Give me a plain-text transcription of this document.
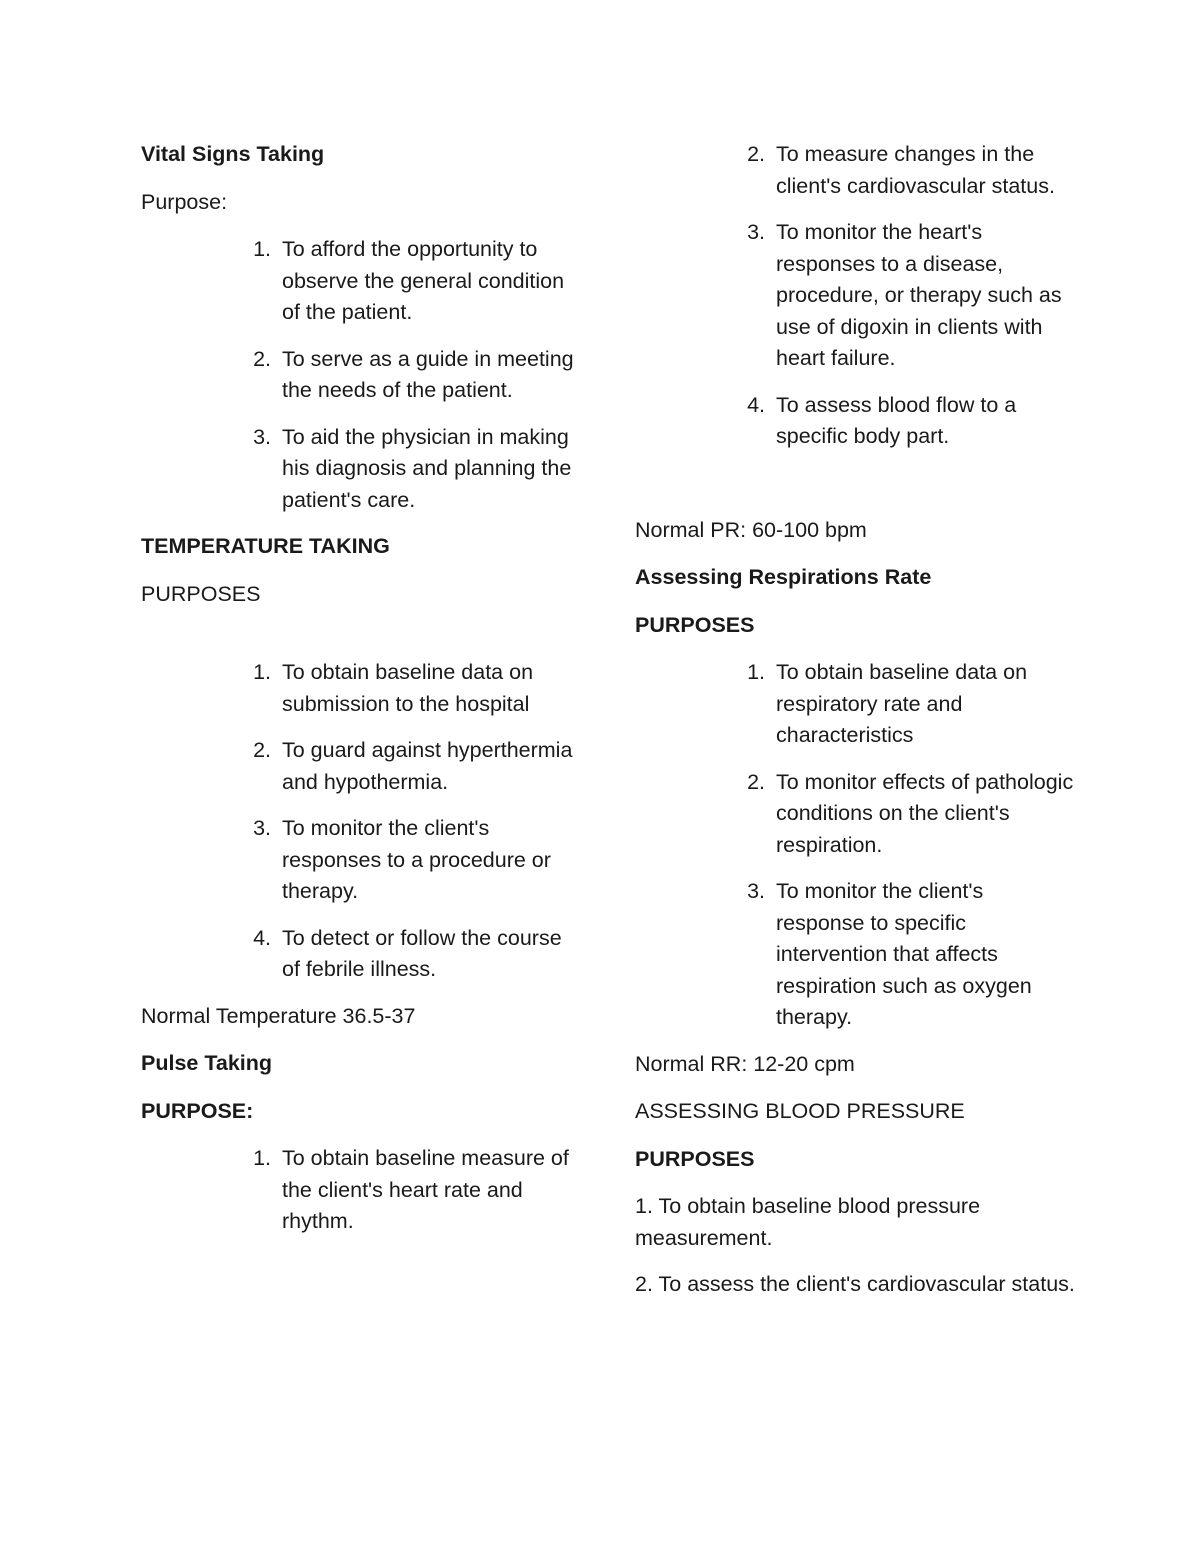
Vital Signs Taking

Purpose:

1. To afford the opportunity to observe the general condition of the patient.
2. To serve as a guide in meeting the needs of the patient.
3. To aid the physician in making his diagnosis and planning the patient's care.

TEMPERATURE TAKING

PURPOSES

1. To obtain baseline data on submission to the hospital
2. To guard against hyperthermia and hypothermia.
3. To monitor the client's responses to a procedure or therapy.
4. To detect or follow the course of febrile illness.

Normal Temperature 36.5-37

Pulse Taking

PURPOSE:

1. To obtain baseline measure of the client's heart rate and rhythm.
2. To measure changes in the client's cardiovascular status.
3. To monitor the heart's responses to a disease, procedure, or therapy such as use of digoxin in clients with heart failure.
4. To assess blood flow to a specific body part.

Normal PR: 60-100 bpm

Assessing Respirations Rate

PURPOSES

1. To obtain baseline data on respiratory rate and characteristics
2. To monitor effects of pathologic conditions on the client's respiration.
3. To monitor the client's response to specific intervention that affects respiration such as oxygen therapy.

Normal RR: 12-20 cpm

ASSESSING BLOOD PRESSURE

PURPOSES

1. To obtain baseline blood pressure measurement.

2. To assess the client's cardiovascular status.
